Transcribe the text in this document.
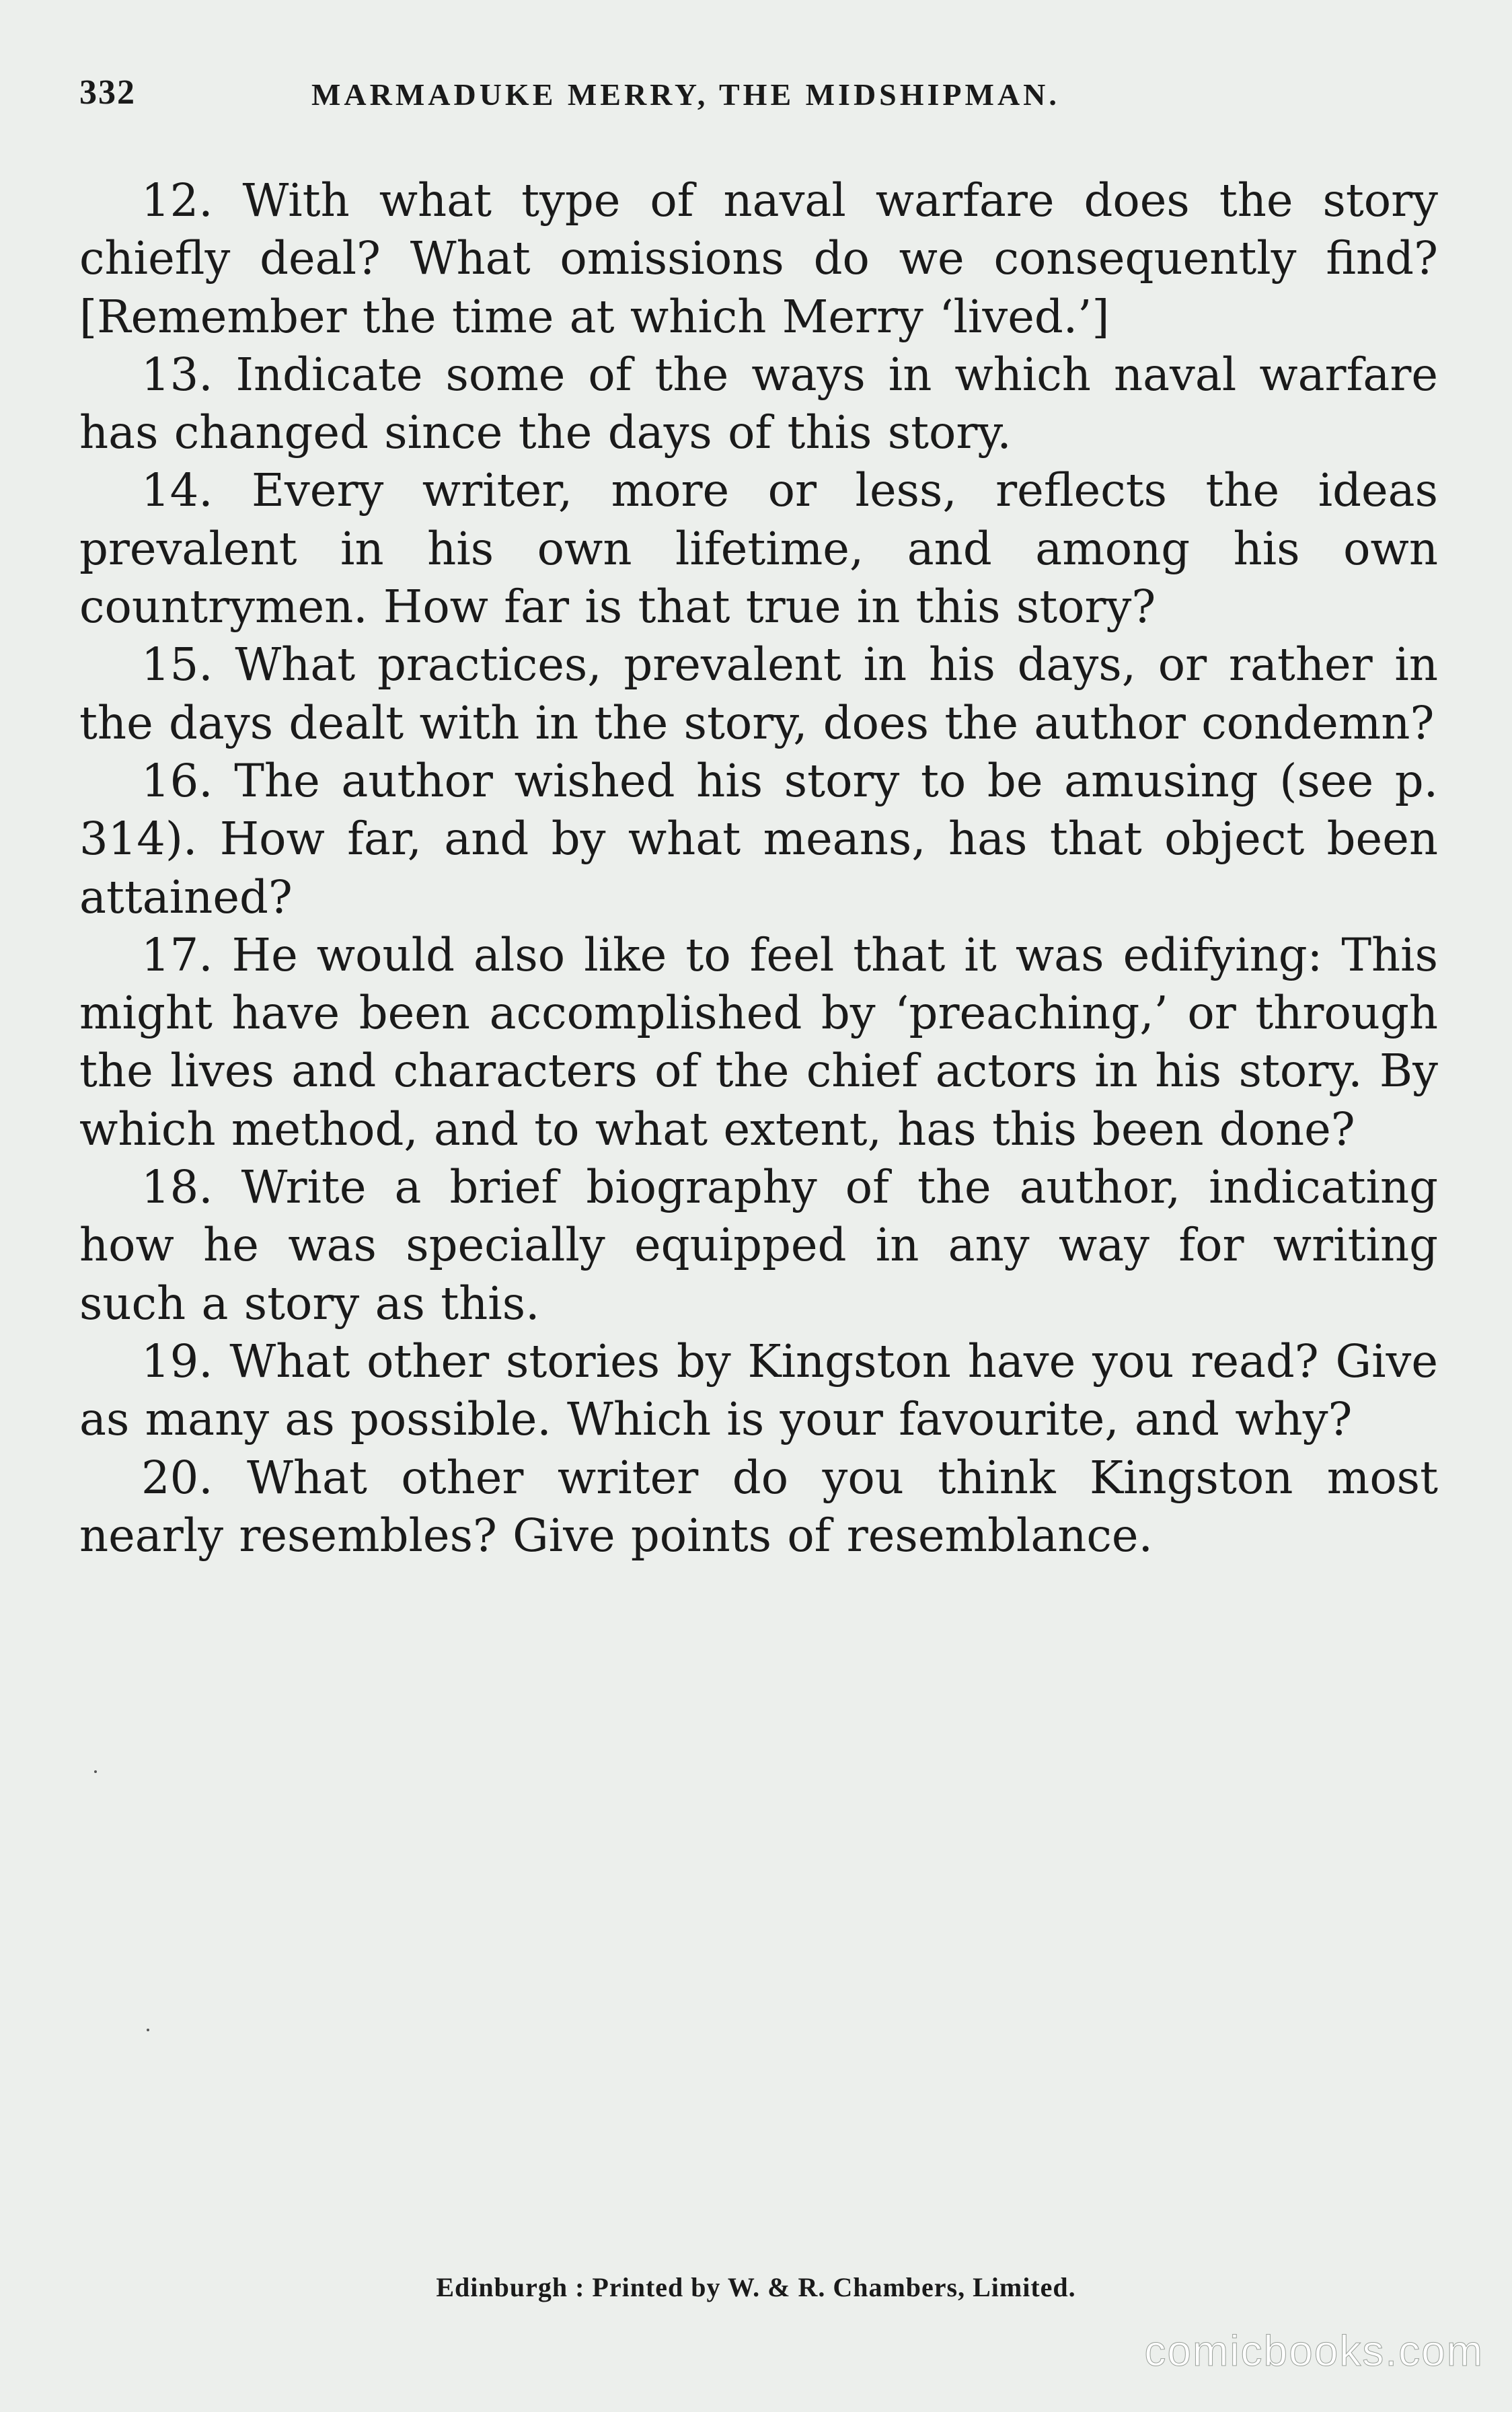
332	MARMADUKE MERRY, THE MIDSHIPMAN.

12. With what type of naval warfare does the story chiefly deal? What omissions do we consequently find? [Remember the time at which Merry ‘lived.’]

13. Indicate some of the ways in which naval warfare has changed since the days of this story.

14. Every writer, more or less, reflects the ideas prevalent in his own lifetime, and among his own countrymen. How far is that true in this story?

15. What practices, prevalent in his days, or rather in the days dealt with in the story, does the author condemn?

16. The author wished his story to be amusing (see p. 314). How far, and by what means, has that object been attained?

17. He would also like to feel that it was edifying: This might have been accomplished by ‘preaching,’ or through the lives and characters of the chief actors in his story. By which method, and to what extent, has this been done?

18. Write a brief biography of the author, indicating how he was specially equipped in any way for writing such a story as this.

19. What other stories by Kingston have you read? Give as many as possible. Which is your favourite, and why?

20. What other writer do you think Kingston most nearly resembles? Give points of resemblance.

Edinburgh : Printed by W. & R. Chambers, Limited.
comicbooks.com
